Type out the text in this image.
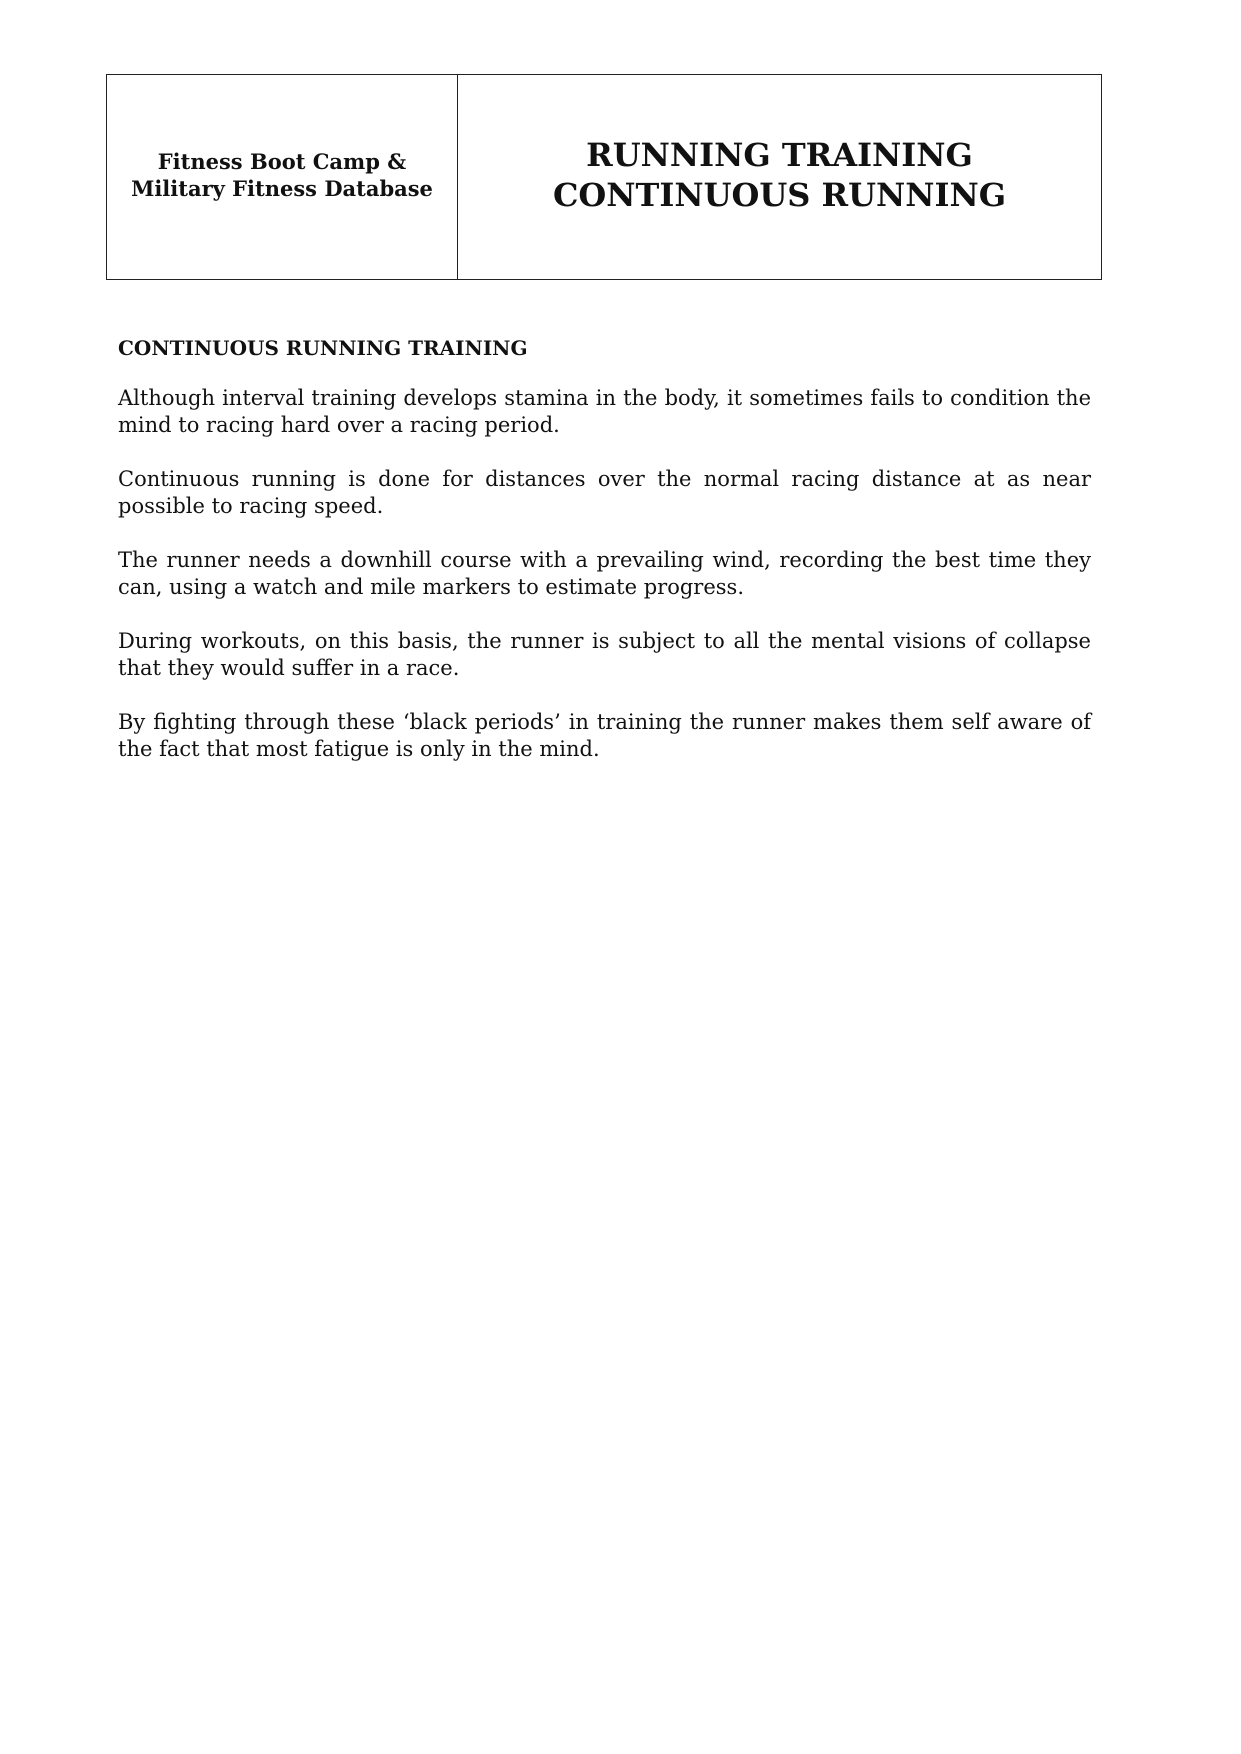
Fitness Boot Camp &
Military Fitness Database
RUNNING TRAINING
CONTINUOUS RUNNING
CONTINUOUS RUNNING TRAINING

Although interval training develops stamina in the body, it sometimes fails to condition the mind to racing hard over a racing period.

Continuous running is done for distances over the normal racing distance at as near possible to racing speed.

The runner needs a downhill course with a prevailing wind, recording the best time they can, using a watch and mile markers to estimate progress.

During workouts, on this basis, the runner is subject to all the mental visions of collapse that they would suffer in a race.

By fighting through these ‘black periods’ in training the runner makes them self aware of the fact that most fatigue is only in the mind.
